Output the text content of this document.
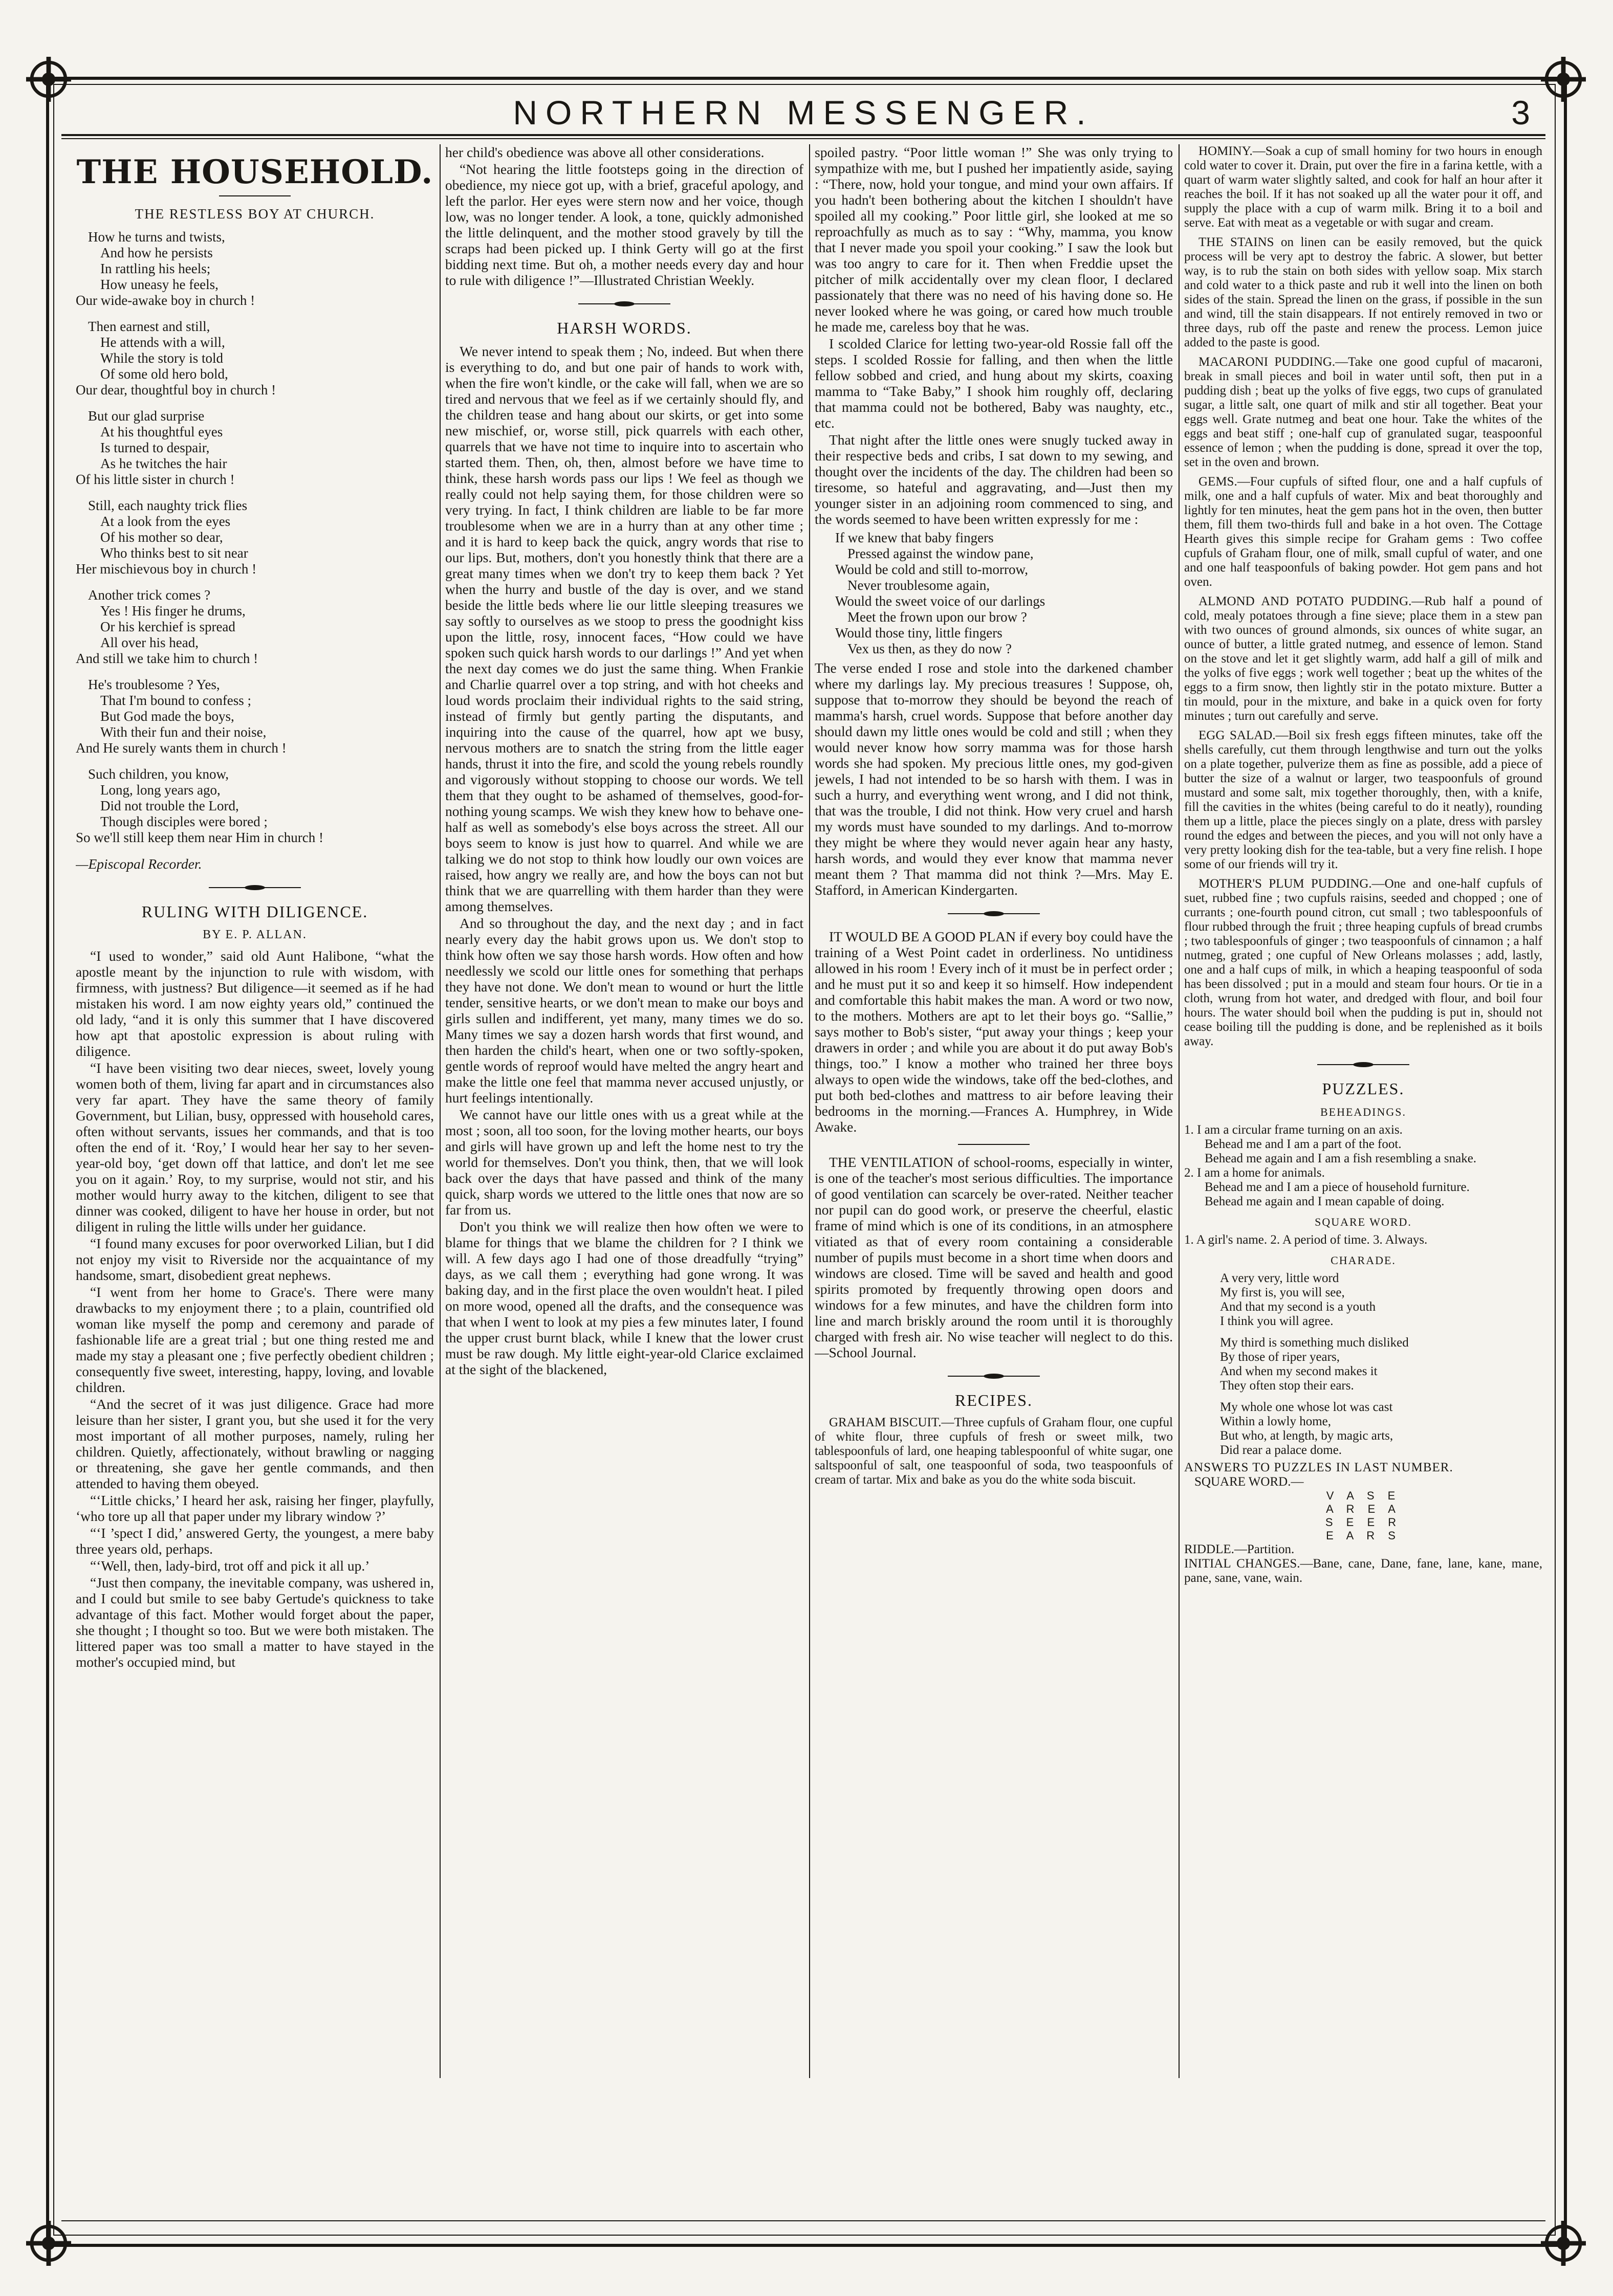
NORTHERN MESSENGER.	3
THE HOUSEHOLD.
THE RESTLESS BOY AT CHURCH.
How he turns and twists,
And how he persists
In rattling his heels;
How uneasy he feels,
Our wide-awake boy in church !
Then earnest and still,
He attends with a will,
While the story is told
Of some old hero bold,
Our dear, thoughtful boy in church !
But our glad surprise
At his thoughtful eyes
Is turned to despair,
As he twitches the hair
Of his little sister in church !
Still, each naughty trick flies
At a look from the eyes
Of his mother so dear,
Who thinks best to sit near
Her mischievous boy in church !
Another trick comes ?
Yes ! His finger he drums,
Or his kerchief is spread
All over his head,
And still we take him to church !
He's troublesome ? Yes,
That I'm bound to confess ;
But God made the boys,
With their fun and their noise,
And He surely wants them in church !
Such children, you know,
Long, long years ago,
Did not trouble the Lord,
Though disciples were bored ;
So we'll still keep them near Him in church !
—Episcopal Recorder.
RULING WITH DILIGENCE.
BY E. P. ALLAN.

“I used to wonder,” said old Aunt Halibone, “what the apostle meant by the injunction to rule with wisdom, with firmness, with justness? But diligence—it seemed as if he had mistaken his word. I am now eighty years old,” continued the old lady, “and it is only this summer that I have discovered how apt that apostolic expression is about ruling with diligence.

“I have been visiting two dear nieces, sweet, lovely young women both of them, living far apart and in circumstances also very far apart. They have the same theory of family Government, but Lilian, busy, oppressed with household cares, often without servants, issues her commands, and that is too often the end of it. ‘Roy,’ I would hear her say to her seven-year-old boy, ‘get down off that lattice, and don't let me see you on it again.’ Roy, to my surprise, would not stir, and his mother would hurry away to the kitchen, diligent to see that dinner was cooked, diligent to have her house in order, but not diligent in ruling the little wills under her guidance.

“I found many excuses for poor overworked Lilian, but I did not enjoy my visit to Riverside nor the acquaintance of my handsome, smart, disobedient great nephews.

“I went from her home to Grace's. There were many drawbacks to my enjoyment there ; to a plain, countrified old woman like myself the pomp and ceremony and parade of fashionable life are a great trial ; but one thing rested me and made my stay a pleasant one ; five perfectly obedient children ; consequently five sweet, interesting, happy, loving, and lovable children.

“And the secret of it was just diligence. Grace had more leisure than her sister, I grant you, but she used it for the very most important of all mother purposes, namely, ruling her children. Quietly, affectionately, without brawling or nagging or threatening, she gave her gentle commands, and then attended to having them obeyed.

“‘Little chicks,’ I heard her ask, raising her finger, playfully, ‘who tore up all that paper under my library window ?’

“‘I ’spect I did,’ answered Gerty, the youngest, a mere baby three years old, perhaps.

“‘Well, then, lady-bird, trot off and pick it all up.’

“Just then company, the inevitable company, was ushered in, and I could but smile to see baby Gertude's quickness to take advantage of this fact. Mother would forget about the paper, she thought ; I thought so too. But we were both mistaken. The littered paper was too small a matter to have stayed in the mother's occupied mind, but

her child's obedience was above all other considerations.

“Not hearing the little footsteps going in the direction of obedience, my niece got up, with a brief, graceful apology, and left the parlor. Her eyes were stern now and her voice, though low, was no longer tender. A look, a tone, quickly admonished the little delinquent, and the mother stood gravely by till the scraps had been picked up. I think Gerty will go at the first bidding next time. But oh, a mother needs every day and hour to rule with diligence !”—Illustrated Christian Weekly.

HARSH WORDS.

We never intend to speak them ; No, indeed. But when there is everything to do, and but one pair of hands to work with, when the fire won't kindle, or the cake will fall, when we are so tired and nervous that we feel as if we certainly should fly, and the children tease and hang about our skirts, or get into some new mischief, or, worse still, pick quarrels with each other, quarrels that we have not time to inquire into to ascertain who started them. Then, oh, then, almost before we have time to think, these harsh words pass our lips ! We feel as though we really could not help saying them, for those children were so very trying. In fact, I think children are liable to be far more troublesome when we are in a hurry than at any other time ; and it is hard to keep back the quick, angry words that rise to our lips. But, mothers, don't you honestly think that there are a great many times when we don't try to keep them back ? Yet when the hurry and bustle of the day is over, and we stand beside the little beds where lie our little sleeping treasures we say softly to ourselves as we stoop to press the goodnight kiss upon the little, rosy, innocent faces, “How could we have spoken such quick harsh words to our darlings !” And yet when the next day comes we do just the same thing. When Frankie and Charlie quarrel over a top string, and with hot cheeks and loud words proclaim their individual rights to the said string, instead of firmly but gently parting the disputants, and inquiring into the cause of the quarrel, how apt we busy, nervous mothers are to snatch the string from the little eager hands, thrust it into the fire, and scold the young rebels roundly and vigorously without stopping to choose our words. We tell them that they ought to be ashamed of themselves, good-for-nothing young scamps. We wish they knew how to behave one-half as well as somebody's else boys across the street. All our boys seem to know is just how to quarrel. And while we are talking we do not stop to think how loudly our own voices are raised, how angry we really are, and how the boys can not but think that we are quarrelling with them harder than they were among themselves.

And so throughout the day, and the next day ; and in fact nearly every day the habit grows upon us. We don't stop to think how often we say those harsh words. How often and how needlessly we scold our little ones for something that perhaps they have not done. We don't mean to wound or hurt the little tender, sensitive hearts, or we don't mean to make our boys and girls sullen and indifferent, yet many, many times we do so. Many times we say a dozen harsh words that first wound, and then harden the child's heart, when one or two softly-spoken, gentle words of reproof would have melted the angry heart and make the little one feel that mamma never accused unjustly, or hurt feelings intentionally.

We cannot have our little ones with us a great while at the most ; soon, all too soon, for the loving mother hearts, our boys and girls will have grown up and left the home nest to try the world for themselves. Don't you think, then, that we will look back over the days that have passed and think of the many quick, sharp words we uttered to the little ones that now are so far from us.

Don't you think we will realize then how often we were to blame for things that we blame the children for ? I think we will. A few days ago I had one of those dreadfully “trying” days, as we call them ; everything had gone wrong. It was baking day, and in the first place the oven wouldn't heat. I piled on more wood, opened all the drafts, and the consequence was that when I went to look at my pies a few minutes later, I found the upper crust burnt black, while I knew that the lower crust must be raw dough. My little eight-year-old Clarice exclaimed at the sight of the blackened,

spoiled pastry. “Poor little woman !” She was only trying to sympathize with me, but I pushed her impatiently aside, saying : “There, now, hold your tongue, and mind your own affairs. If you hadn't been bothering about the kitchen I shouldn't have spoiled all my cooking.” Poor little girl, she looked at me so reproachfully as much as to say : “Why, mamma, you know that I never made you spoil your cooking.” I saw the look but was too angry to care for it. Then when Freddie upset the pitcher of milk accidentally over my clean floor, I declared passionately that there was no need of his having done so. He never looked where he was going, or cared how much trouble he made me, careless boy that he was.

I scolded Clarice for letting two-year-old Rossie fall off the steps. I scolded Rossie for falling, and then when the little fellow sobbed and cried, and hung about my skirts, coaxing mamma to “Take Baby,” I shook him roughly off, declaring that mamma could not be bothered, Baby was naughty, etc., etc.

That night after the little ones were snugly tucked away in their respective beds and cribs, I sat down to my sewing, and thought over the incidents of the day. The children had been so tiresome, so hateful and aggravating, and—Just then my younger sister in an adjoining room commenced to sing, and the words seemed to have been written expressly for me :

If we knew that baby fingers
Pressed against the window pane,
Would be cold and still to-morrow,
Never troublesome again,
Would the sweet voice of our darlings
Meet the frown upon our brow ?
Would those tiny, little fingers
Vex us then, as they do now ?

The verse ended I rose and stole into the darkened chamber where my darlings lay. My precious treasures ! Suppose, oh, suppose that to-morrow they should be beyond the reach of mamma's harsh, cruel words. Suppose that before another day should dawn my little ones would be cold and still ; when they would never know how sorry mamma was for those harsh words she had spoken. My precious little ones, my god-given jewels, I had not intended to be so harsh with them. I was in such a hurry, and everything went wrong, and I did not think, that was the trouble, I did not think. How very cruel and harsh my words must have sounded to my darlings. And to-morrow they might be where they would never again hear any hasty, harsh words, and would they ever know that mamma never meant them ? That mamma did not think ?—Mrs. May E. Stafford, in American Kindergarten.

IT WOULD BE A GOOD PLAN if every boy could have the training of a West Point cadet in orderliness. No untidiness allowed in his room ! Every inch of it must be in perfect order ; and he must put it so and keep it so himself. How independent and comfortable this habit makes the man. A word or two now, to the mothers. Mothers are apt to let their boys go. “Sallie,” says mother to Bob's sister, “put away your things ; keep your drawers in order ; and while you are about it do put away Bob's things, too.” I know a mother who trained her three boys always to open wide the windows, take off the bed-clothes, and put both bed-clothes and mattress to air before leaving their bedrooms in the morning.—Frances A. Humphrey, in Wide Awake.

THE VENTILATION of school-rooms, especially in winter, is one of the teacher's most serious difficulties. The importance of good ventilation can scarcely be over-rated. Neither teacher nor pupil can do good work, or preserve the cheerful, elastic frame of mind which is one of its conditions, in an atmosphere vitiated as that of every room containing a considerable number of pupils must become in a short time when doors and windows are closed. Time will be saved and health and good spirits promoted by frequently throwing open doors and windows for a few minutes, and have the children form into line and march briskly around the room until it is thoroughly charged with fresh air. No wise teacher will neglect to do this.—School Journal.

RECIPES.

GRAHAM BISCUIT.—Three cupfuls of Graham flour, one cupful of white flour, three cupfuls of fresh or sweet milk, two tablespoonfuls of lard, one heaping tablespoonful of white sugar, one saltspoonful of salt, one teaspoonful of soda, two teaspoonfuls of cream of tartar. Mix and bake as you do the white soda biscuit.

HOMINY.—Soak a cup of small hominy for two hours in enough cold water to cover it. Drain, put over the fire in a farina kettle, with a quart of warm water slightly salted, and cook for half an hour after it reaches the boil. If it has not soaked up all the water pour it off, and supply the place with a cup of warm milk. Bring it to a boil and serve. Eat with meat as a vegetable or with sugar and cream.

THE STAINS on linen can be easily removed, but the quick process will be very apt to destroy the fabric. A slower, but better way, is to rub the stain on both sides with yellow soap. Mix starch and cold water to a thick paste and rub it well into the linen on both sides of the stain. Spread the linen on the grass, if possible in the sun and wind, till the stain disappears. If not entirely removed in two or three days, rub off the paste and renew the process. Lemon juice added to the paste is good.

MACARONI PUDDING.—Take one good cupful of macaroni, break in small pieces and boil in water until soft, then put in a pudding dish ; beat up the yolks of five eggs, two cups of granulated sugar, a little salt, one quart of milk and stir all together. Beat your eggs well. Grate nutmeg and beat one hour. Take the whites of the eggs and beat stiff ; one-half cup of granulated sugar, teaspoonful essence of lemon ; when the pudding is done, spread it over the top, set in the oven and brown.

GEMS.—Four cupfuls of sifted flour, one and a half cupfuls of milk, one and a half cupfuls of water. Mix and beat thoroughly and lightly for ten minutes, heat the gem pans hot in the oven, then butter them, fill them two-thirds full and bake in a hot oven. The Cottage Hearth gives this simple recipe for Graham gems : Two coffee cupfuls of Graham flour, one of milk, small cupful of water, and one and one half teaspoonfuls of baking powder. Hot gem pans and hot oven.

ALMOND AND POTATO PUDDING.—Rub half a pound of cold, mealy potatoes through a fine sieve; place them in a stew pan with two ounces of ground almonds, six ounces of white sugar, an ounce of butter, a little grated nutmeg, and essence of lemon. Stand on the stove and let it get slightly warm, add half a gill of milk and the yolks of five eggs ; work well together ; beat up the whites of the eggs to a firm snow, then lightly stir in the potato mixture. Butter a tin mould, pour in the mixture, and bake in a quick oven for forty minutes ; turn out carefully and serve.

EGG SALAD.—Boil six fresh eggs fifteen minutes, take off the shells carefully, cut them through lengthwise and turn out the yolks on a plate together, pulverize them as fine as possible, add a piece of butter the size of a walnut or larger, two teaspoonfuls of ground mustard and some salt, mix together thoroughly, then, with a knife, fill the cavities in the whites (being careful to do it neatly), rounding them up a little, place the pieces singly on a plate, dress with parsley round the edges and between the pieces, and you will not only have a very pretty looking dish for the tea-table, but a very fine relish. I hope some of our friends will try it.

MOTHER'S PLUM PUDDING.—One and one-half cupfuls of suet, rubbed fine ; two cupfuls raisins, seeded and chopped ; one of currants ; one-fourth pound citron, cut small ; two tablespoonfuls of flour rubbed through the fruit ; three heaping cupfuls of bread crumbs ; two tablespoonfuls of ginger ; two teaspoonfuls of cinnamon ; a half nutmeg, grated ; one cupful of New Orleans molasses ; add, lastly, one and a half cups of milk, in which a heaping teaspoonful of soda has been dissolved ; put in a mould and steam four hours. Or tie in a cloth, wrung from hot water, and dredged with flour, and boil four hours. The water should boil when the pudding is put in, should not cease boiling till the pudding is done, and be replenished as it boils away.

PUZZLES.
BEHEADINGS.
1. I am a circular frame turning on an axis.
Behead me and I am a part of the foot.
Behead me again and I am a fish resembling a snake.
2. I am a home for animals.
Behead me and I am a piece of household furniture.
Behead me again and I mean capable of doing.
SQUARE WORD.
1. A girl's name. 2. A period of time. 3. Always.
CHARADE.
A very very, little word
My first is, you will see,
And that my second is a youth
I think you will agree.
My third is something much disliked
By those of riper years,
And when my second makes it
They often stop their ears.
My whole one whose lot was cast
Within a lowly home,
But who, at length, by magic arts,
Did rear a palace dome.
ANSWERS TO PUZZLES IN LAST NUMBER.
SQUARE WORD.—
V A S E
A R E A
S E E R
E A R S
RIDDLE.—Partition.
INITIAL CHANGES.—Bane, cane, Dane, fane, lane, kane, mane, pane, sane, vane, wain.
